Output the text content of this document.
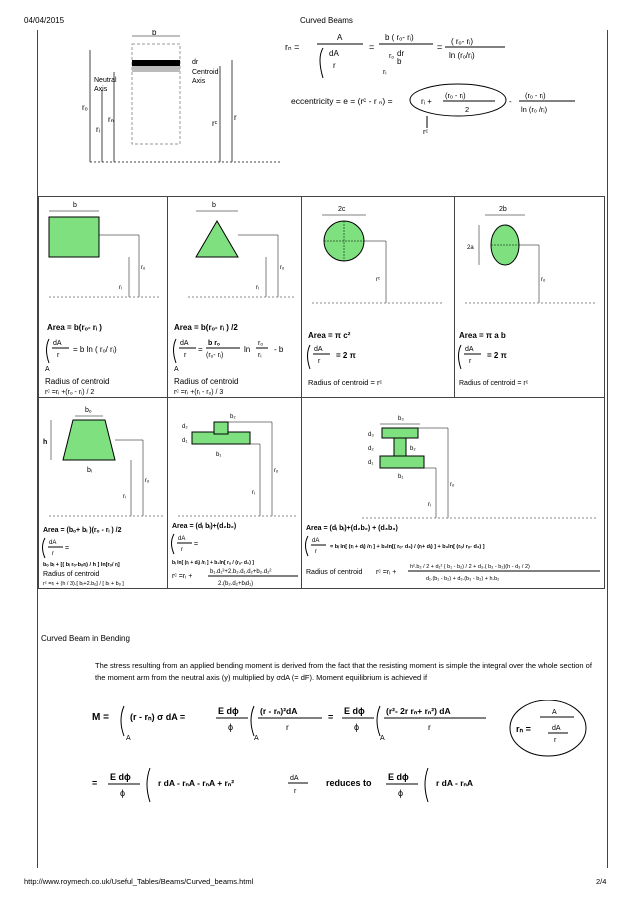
04/04/2015	Curved Beams
b
rₒ
rᵢ
rₙ	rᶜ
r
Neutral
Axis
dr
Centroid
Axis
rₙ =
A
dA
r
=
b ( rₒ- rᵢ)
rₒ
b
dr
rᵢ
=
( rₒ- rᵢ)
ln (rₒ/rᵢ)
eccentricity = e = (rᶜ - r ₙ) =	rᵢ +
(rₒ - rᵢ)
2
-
(rₒ - rᵢ)
ln (rₒ /rᵢ)
rᶜ
b
rₒ
rᵢ
Area = b(rₒ- rᵢ )
dA
r
= b ln ( rₒ/ rᵢ)
A
Radius of centroid
rᶜ =rᵢ +(rₒ - rᵢ) / 2
b
rₒ
rᵢ
Area = b(rₒ- rᵢ ) /2
dA
r
=
b rₒ
(rₒ- rᵢ)
ln
rₒ
rᵢ
- b
A
Radius of centroid
rᶜ =rᵢ +(rᵢ - rₒ) / 3
2c
rᶜ
Area = π c²
dA
r
= 2 π
Radius of centroid = rᶜ
2b
2a
rₒ
Area = π a b
dA
r
= 2 π
Radius of centroid = rᶜ
bₒ
h
bᵢ
rₒ
rᵢ
Area = (bₒ+ bᵢ )(rₒ - rᵢ ) /2
dA
r
=
bₒ bᵢ + [( bᵢ rₒ-bₒrᵢ) / h ] ln[rₒ/ rᵢ]
Radius of centroid
rᶜ =rᵢ + (h / 3).[ bᵢ+2.bₒ] / [ bᵢ + bₒ ]
d₂
d₁
b₁
b₂
rₒ
rᵢ
Area = (dᵢ bᵢ)+(d₂b₂)
dA
r
=
bᵢ ln[ (rᵢ + dᵢ) /rᵢ ] + b₂ln[ rₒ / (rₒ- d₂) ]
rᶜ =rᵢ +
b₁.d₁²+2.b₂.d₁.d₂+b₂.d₂²
2.(b₂.d₂+bᵢd₁)
b₃
d₃
d₂
d₁
b₂
b₁
rₒ
rᵢ
Area = (dᵢ bᵢ)+(d₂b₂) + (d₃b₃)
dA
r
= bᵢ ln[ (rᵢ + dᵢ) /rᵢ ] + b₂ln[( rₒ- d₃) / (rᵢ+ dᵢ) ] + b₃ln[ (rₒ/ rₒ- d₃) ]
Radius of centroid rᶜ =rᵢ +
h².b₂ / 2 + d₁² ( b₁ - b₂) / 2 + d₃.( b₃ - b₂)(h - d₃ / 2)
d₁.(b₁ - b₂) + d₃.(b₃ - b₂) + h.b₂
Curved Beam in Bending
The stress resulting from an applied bending moment is derived from the fact that the resisting moment is simple the integral over the whole section of the moment arm from the neutral axis (y) multiplied by σdA (= dF). Moment equilibrium is achieved if
M =
A
(r - rₙ) σ dA =
E dϕ
ϕ
A
(r - rₙ)²dA
r
=
E dϕ
ϕ
A
(r²- 2r rₙ+ rₙ²) dA
r	rₙ =
A
dA
r
=
E dϕ
ϕ
r dA - rₙA - rₙA + rₙ²	dA
r
reduces to
E dϕ
ϕ
r dA - rₙA
http://www.roymech.co.uk/Useful_Tables/Beams/Curved_beams.html	2/4
